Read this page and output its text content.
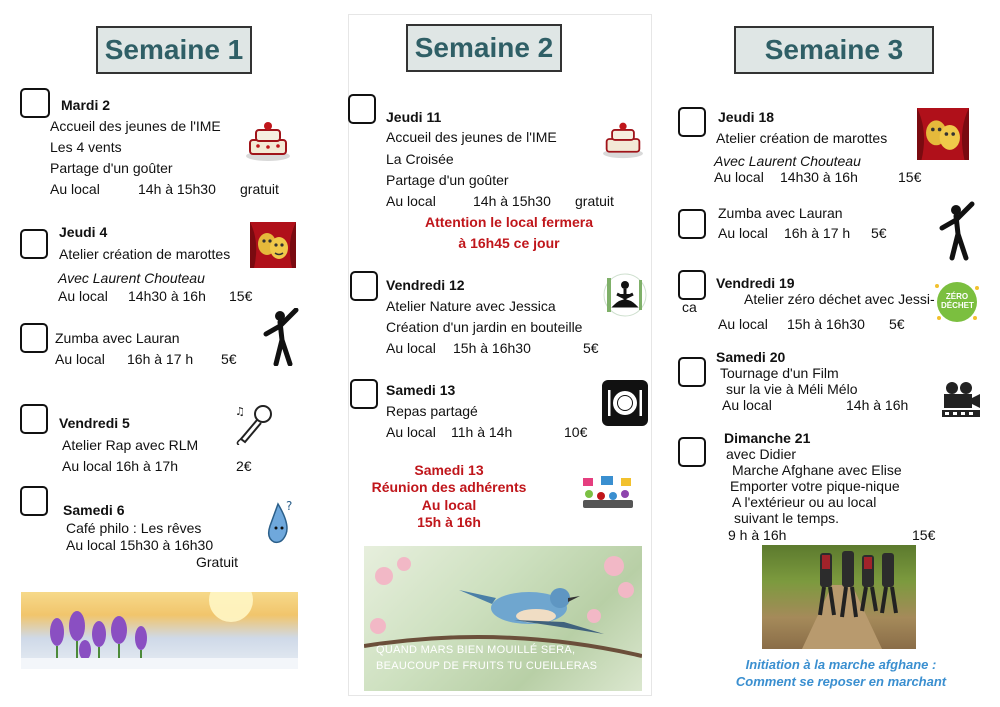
Semaine 1
Mardi 2
Accueil des jeunes de l'IME
Les 4 vents
Partage d'un goûter
Au local	14h à 15h30 gratuit
Jeudi 4
Atelier création de marottes
Avec Laurent Chouteau
Au local 14h30 à 16h 15€
Zumba avec Lauran
Au local 16h à 17 h 5€
Vendredi 5
Atelier Rap avec RLM
Au local 16h à 17h	2€
♫
Samedi 6
Café philo : Les rêves
Au local 15h30 à 16h30
Gratuit
?
Semaine 2
Jeudi 11
Accueil des jeunes de l'IME
La Croisée
Partage d'un goûter
Au local	14h à 15h30 gratuit
Attention le local fermera
à 16h45 ce jour
Vendredi 12
Atelier Nature avec Jessica
Création d'un jardin en bouteille
Au local 15h à 16h30	5€
Samedi 13
Repas partagé
Au local 11h à 14h	10€
Samedi 13
Réunion des adhérents
Au local
15h à 16h
QUAND MARS BIEN MOUILLÉ SERA,
BEAUCOUP DE FRUITS TU CUEILLERAS
Semaine 3
Jeudi 18
Atelier création de marottes
Avec Laurent Chouteau
Au local 14h30 à 16h	15€
Zumba avec Lauran
Au local 16h à 17 h 5€
Vendredi 19
Atelier zéro déchet avec Jessi-
ca
Au local 15h à 16h30 5€
ZÉRO DÉCHET
Samedi 20
Tournage d'un Film
sur la vie à Méli Mélo
Au local	14h à 16h
Dimanche 21
avec Didier
Marche Afghane avec Elise
Emporter votre pique-nique
A l'extérieur ou au local
suivant le temps.
9 h à 16h	15€
Initiation à la marche afghane :
Comment se reposer en marchant
